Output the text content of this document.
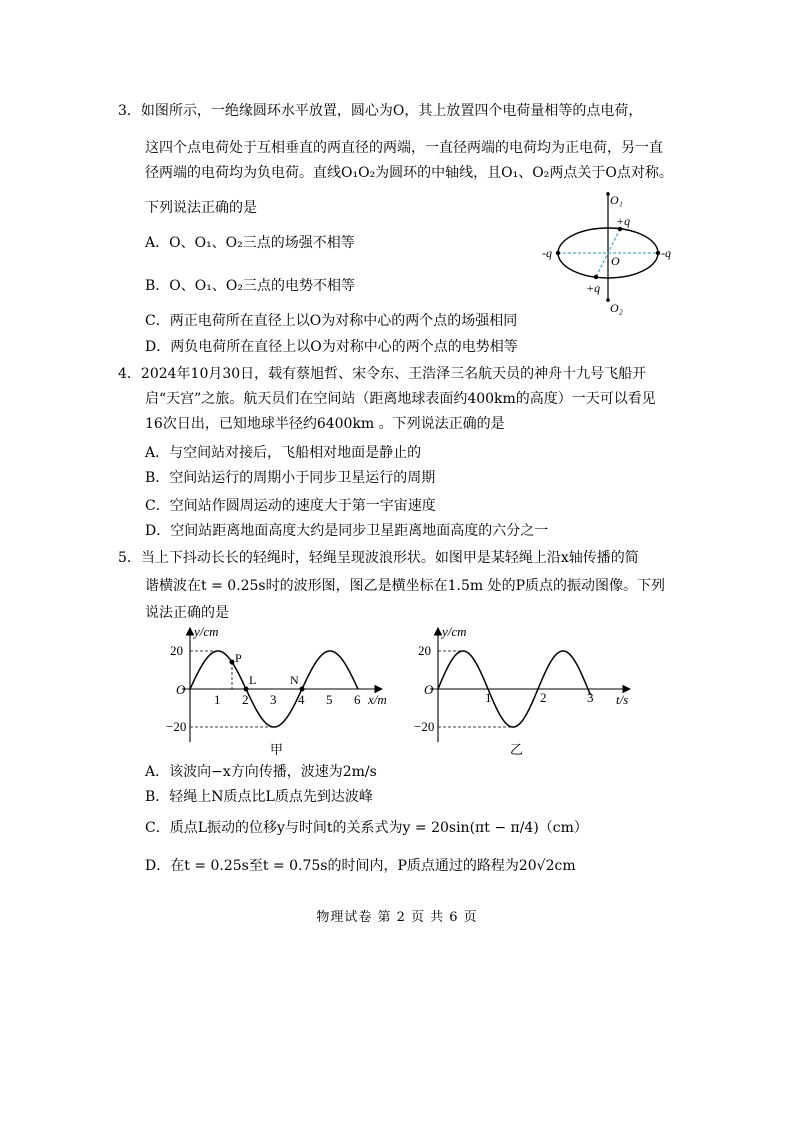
3．如图所示，一绝缘圆环水平放置，圆心为O，其上放置四个电荷量相等的点电荷，
这四个点电荷处于互相垂直的两直径的两端，一直径两端的电荷均为正电荷，另一直
径两端的电荷均为负电荷。直线O₁O₂为圆环的中轴线，且O₁、O₂两点关于O点对称。
下列说法正确的是
A．O、O₁、O₂三点的场强不相等
B．O、O₁、O₂三点的电势不相等
C．两正电荷所在直径上以O为对称中心的两个点的场强相同
D．两负电荷所在直径上以O为对称中心的两个点的电势相等
O₁
O₂
O
+q
+q
-q	-q
4．2024年10月30日，载有蔡旭哲、宋令东、王浩泽三名航天员的神舟十九号飞船开
启“天宫”之旅。航天员们在空间站（距离地球表面约400km的高度）一天可以看见
16次日出，已知地球半径约6400km 。下列说法正确的是
A．与空间站对接后，飞船相对地面是静止的
B．空间站运行的周期小于同步卫星运行的周期
C．空间站作圆周运动的速度大于第一宇宙速度
D．空间站距离地面高度大约是同步卫星距离地面高度的六分之一
5．当上下抖动长长的轻绳时，轻绳呈现波浪形状。如图甲是某轻绳上沿x轴传播的简
谐横波在t = 0.25s时的波形图，图乙是横坐标在1.5m 处的P质点的振动图像。下列
说法正确的是
y/cm
x/m
O
20
−20
1 2 3 4 5 6
P
L	N
甲
y/cm
t/s
O
20
−20
1	2	3
乙
A．该波向−x方向传播，波速为2m/s
B．轻绳上N质点比L质点先到达波峰
C．质点L振动的位移y与时间t的关系式为y = 20sin(πt − π/4)（cm）
D．在t = 0.25s至t = 0.75s的时间内，P质点通过的路程为20√2cm
物理试卷 第 2 页 共 6 页
